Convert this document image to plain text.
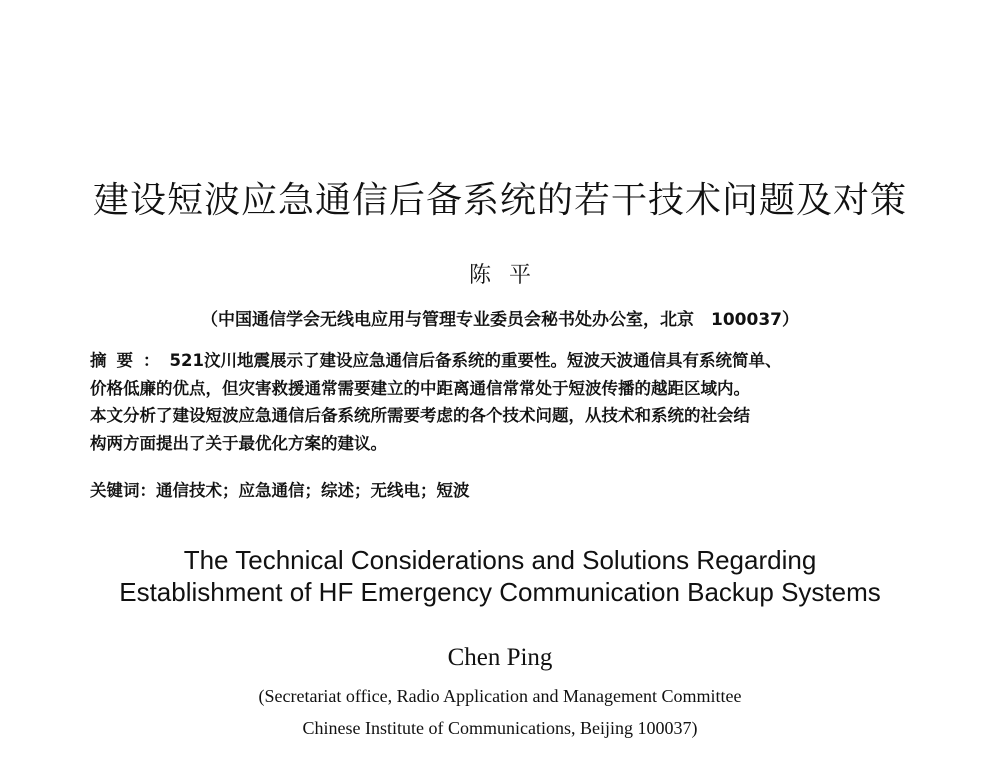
建设短波应急通信后备系统的若干技术问题及对策
陈平
（中国通信学会无线电应用与管理专业委员会秘书处办公室，北京　100037）
摘要：521汶川地震展示了建设应急通信后备系统的重要性。短波天波通信具有系统简单、
价格低廉的优点，但灾害救援通常需要建立的中距离通信常常处于短波传播的越距区域内。
本文分析了建设短波应急通信后备系统所需要考虑的各个技术问题，从技术和系统的社会结
构两方面提出了关于最优化方案的建议。
关键词：通信技术；应急通信；综述；无线电；短波
The Technical Considerations and Solutions Regarding
Establishment of HF Emergency Communication Backup Systems
Chen Ping
(Secretariat office, Radio Application and Management Committee
Chinese Institute of Communications, Beijing 100037)
